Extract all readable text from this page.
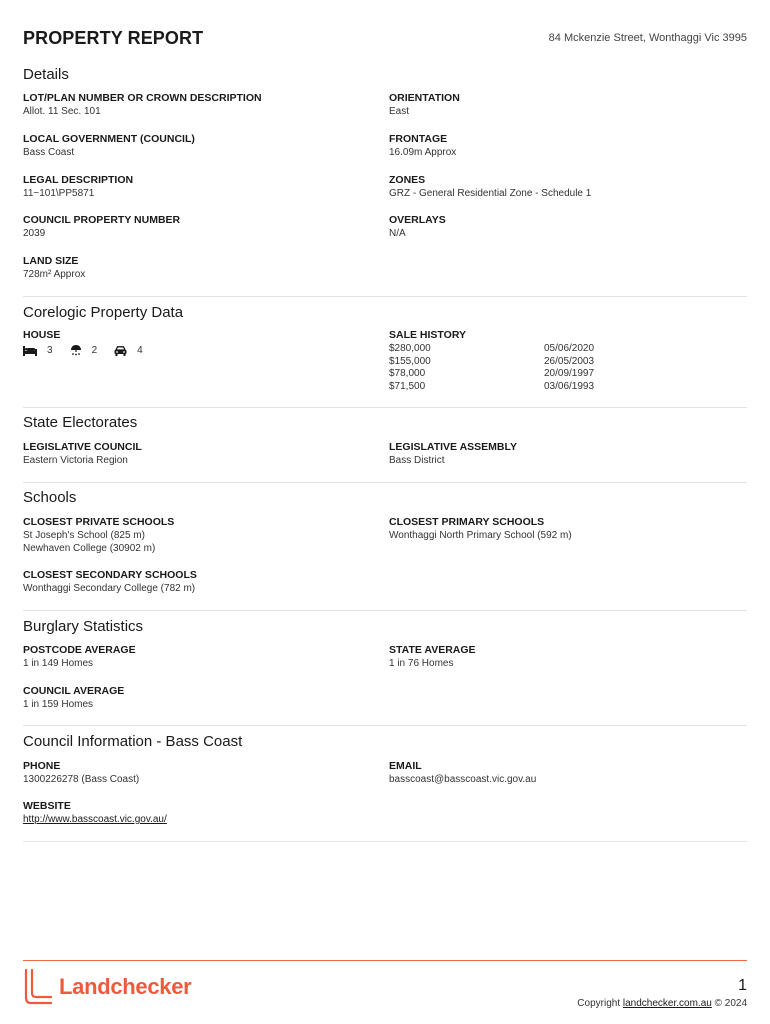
PROPERTY REPORT	84 Mckenzie Street, Wonthaggi Vic 3995
Details
LOT/PLAN NUMBER OR CROWN DESCRIPTION
Allot. 11 Sec. 101
ORIENTATION
East
LOCAL GOVERNMENT (COUNCIL)
Bass Coast
FRONTAGE
16.09m Approx
LEGAL DESCRIPTION
11~101\PP5871
ZONES
GRZ - General Residential Zone - Schedule 1
COUNCIL PROPERTY NUMBER
2039
OVERLAYS
N/A
LAND SIZE
728m² Approx
Corelogic Property Data
HOUSE
3	2	4
SALE HISTORY
$280,000	05/06/2020
$155,000	26/05/2003
$78,000	20/09/1997
$71,500	03/06/1993
State Electorates
LEGISLATIVE COUNCIL
Eastern Victoria Region
LEGISLATIVE ASSEMBLY
Bass District
Schools
CLOSEST PRIVATE SCHOOLS
St Joseph's School (825 m)
Newhaven College (30902 m)
CLOSEST PRIMARY SCHOOLS
Wonthaggi North Primary School (592 m)
CLOSEST SECONDARY SCHOOLS
Wonthaggi Secondary College (782 m)
Burglary Statistics
POSTCODE AVERAGE
1 in 149 Homes
STATE AVERAGE
1 in 76 Homes
COUNCIL AVERAGE
1 in 159 Homes
Council Information - Bass Coast
PHONE
1300226278 (Bass Coast)
EMAIL
basscoast@basscoast.vic.gov.au
WEBSITE
http://www.basscoast.vic.gov.au/
Landchecker	1
Copyright landchecker.com.au © 2024
